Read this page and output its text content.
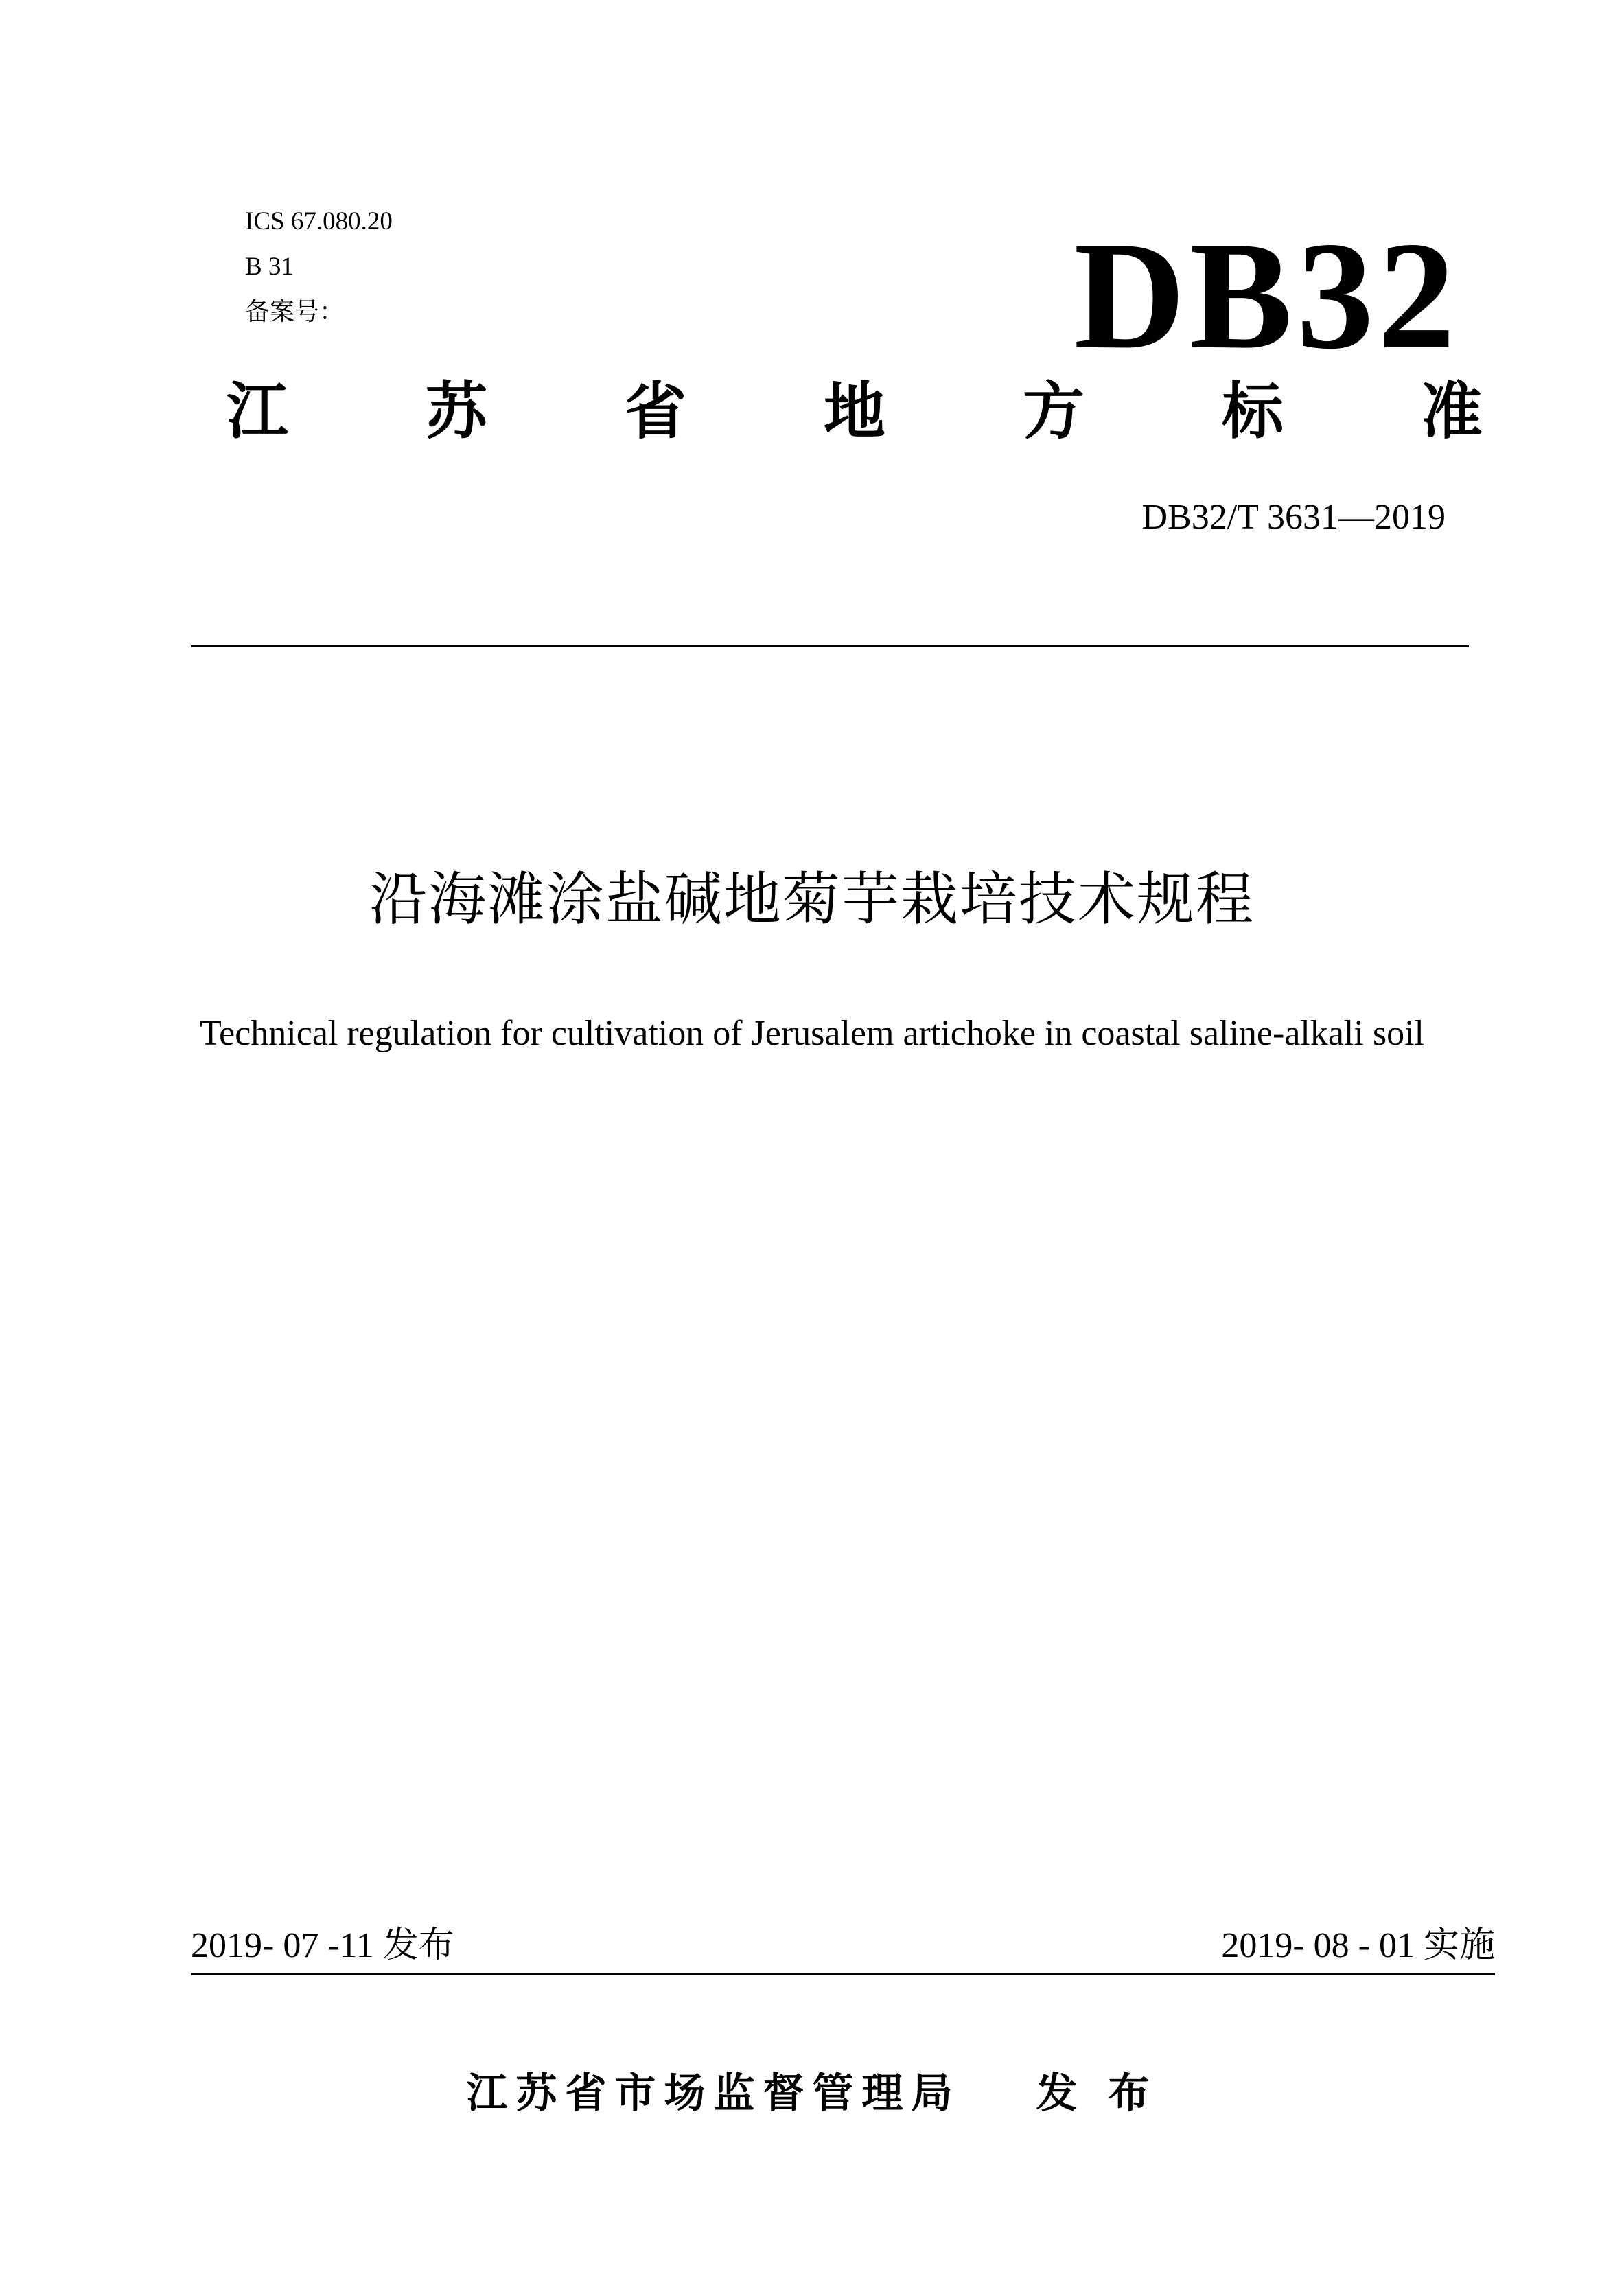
ICS 67.080.20
B 31
备案号：	DB32
江 苏 省 地 方 标 准
DB32/T 3631—2019
沿海滩涂盐碱地菊芋栽培技术规程
Technical regulation for cultivation of Jerusalem artichoke in coastal saline-alkali soil
2019- 07 -11 发布	2019- 08 - 01 实施
江苏省市场监督管理局 发 布
